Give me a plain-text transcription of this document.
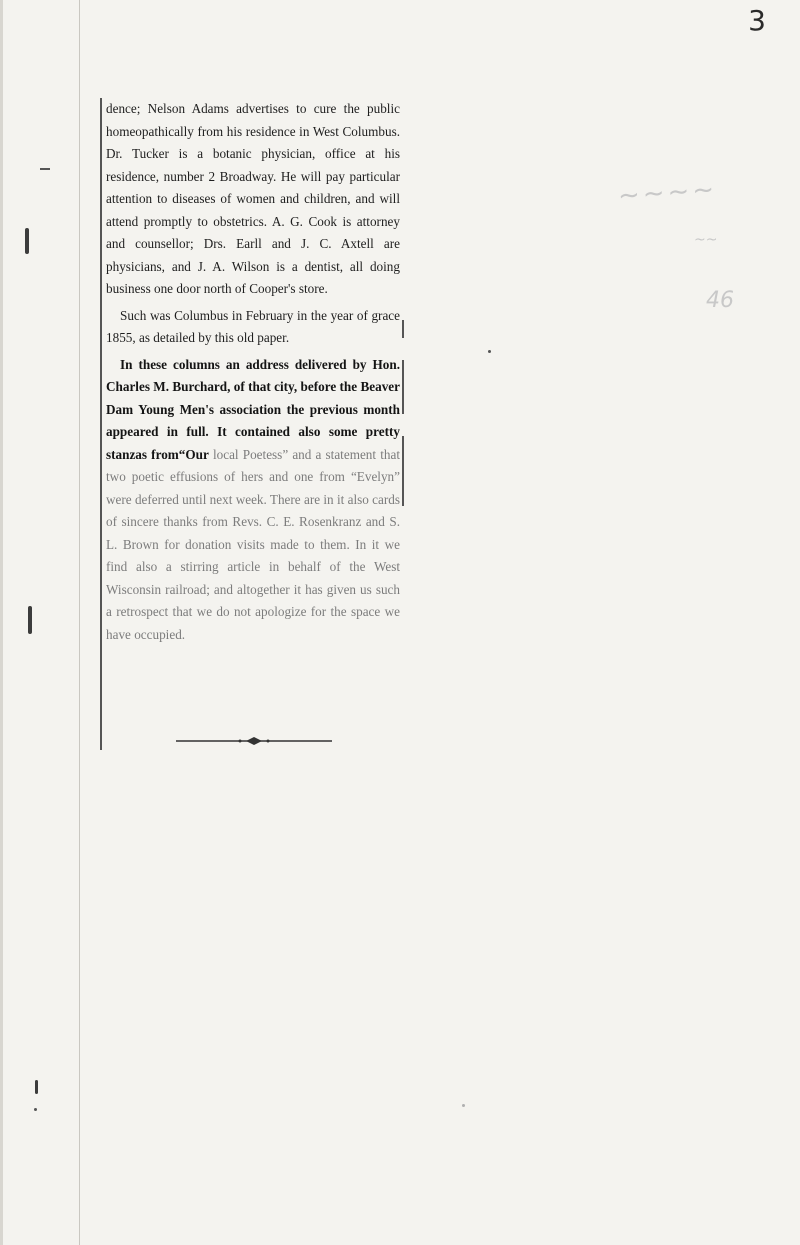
3
~~~~
~~
46

dence; Nelson Adams advertises to cure the public homeopathically from his residence in West Columbus. Dr. Tucker is a botanic physician, office at his residence, number 2 Broadway. He will pay particular attention to diseases of women and children, and will attend promptly to obstetrics. A. G. Cook is attorney and counsellor; Drs. Earll and J. C. Axtell are physicians, and J. A. Wilson is a dentist, all doing business one door north of Cooper's store.

Such was Columbus in February in the year of grace 1855, as detailed by this old paper.

In these columns an address delivered by Hon. Charles M. Burchard, of that city, before the Beaver Dam Young Men's association the previous month appeared in full. It contained also some pretty stanzas from“Our local Poetess” and a statement that two poetic effusions of hers and one from “Evelyn” were deferred until next week. There are in it also cards of sincere thanks from Revs. C. E. Rosenkranz and S. L. Brown for donation visits made to them. In it we find also a stirring article in behalf of the West Wisconsin railroad; and altogether it has given us such a retrospect that we do not apologize for the space we have occupied.
